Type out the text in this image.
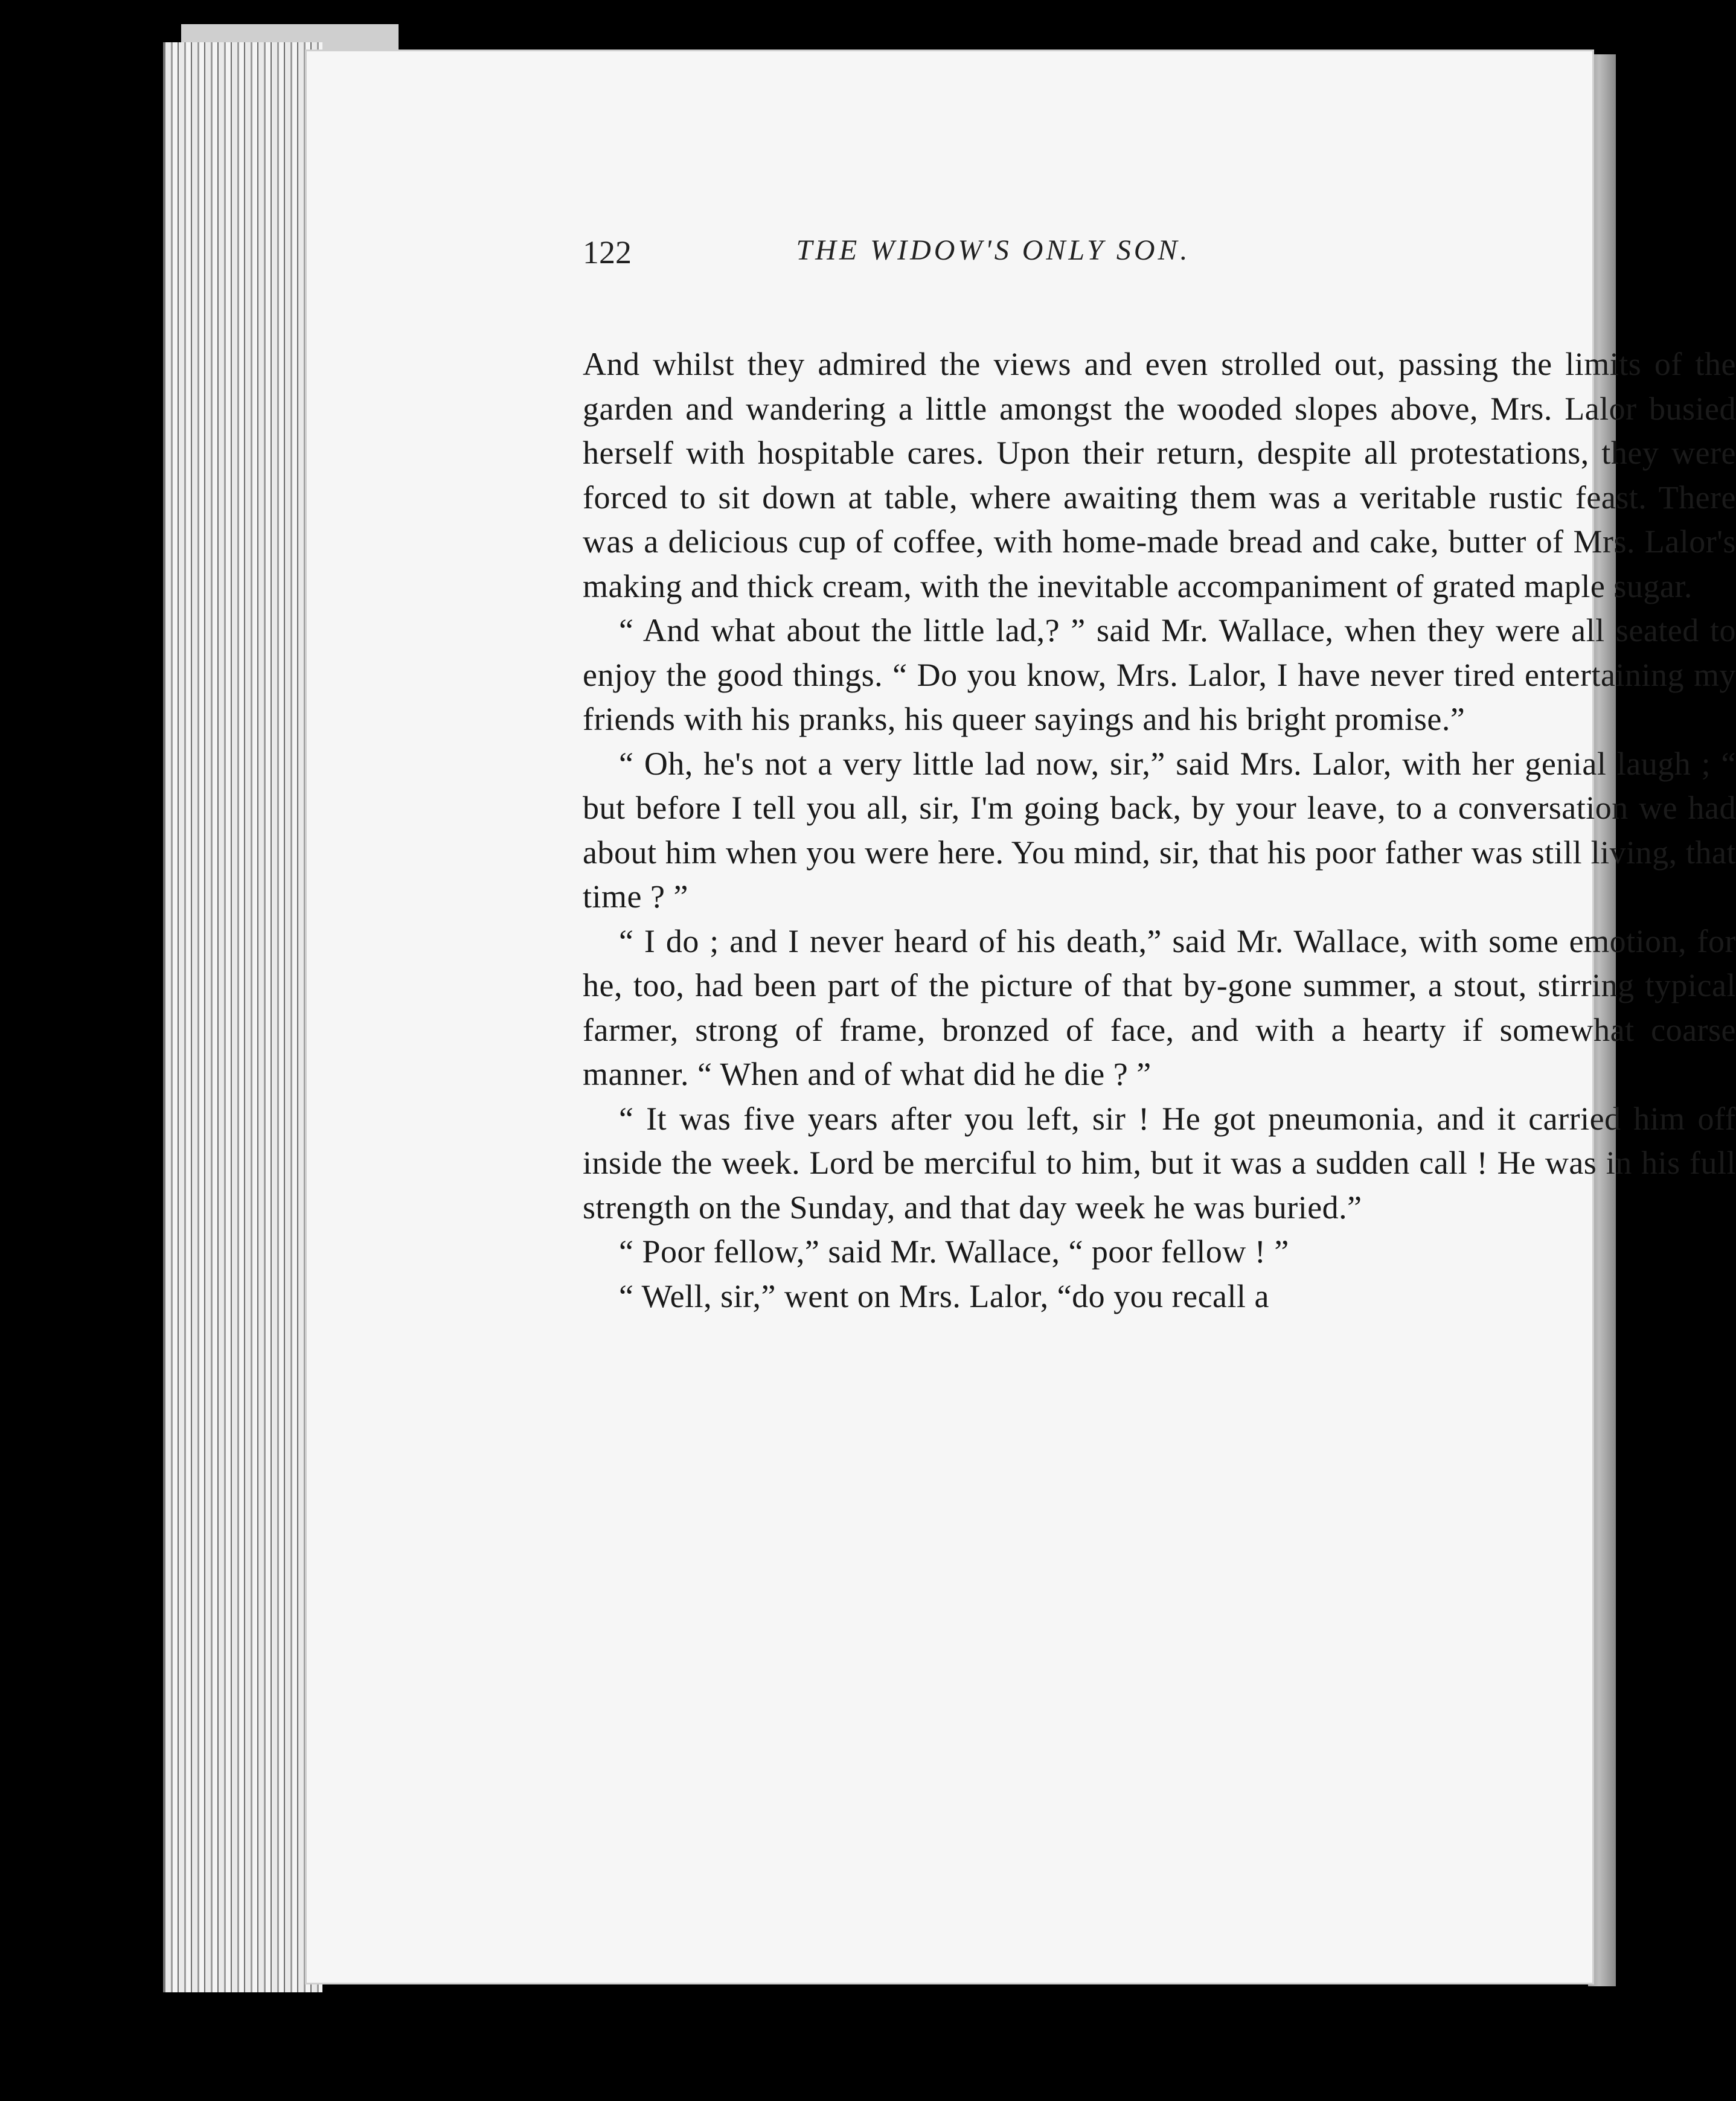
122	THE WIDOW'S ONLY SON.

And whilst they admired the views and even strolled out, passing the limits of the garden and wandering a little amongst the wooded slopes above, Mrs. Lalor busied herself with hospitable cares. Upon their return, despite all protestations, they were forced to sit down at table, where awaiting them was a veritable rustic feast. There was a delicious cup of coffee, with home-made bread and cake, butter of Mrs. Lalor's making and thick cream, with the inevitable accompaniment of grated maple sugar.

“ And what about the little lad,? ” said Mr. Wallace, when they were all seated to enjoy the good things. “ Do you know, Mrs. Lalor, I have never tired entertaining my friends with his pranks, his queer sayings and his bright promise.”

“ Oh, he's not a very little lad now, sir,” said Mrs. Lalor, with her genial laugh ; “ but before I tell you all, sir, I'm going back, by your leave, to a conversation we had about him when you were here. You mind, sir, that his poor father was still living, that time ? ”

“ I do ; and I never heard of his death,” said Mr. Wallace, with some emotion, for he, too, had been part of the picture of that by-gone summer, a stout, stirring typical farmer, strong of frame, bronzed of face, and with a hearty if somewhat coarse manner. “ When and of what did he die ? ”

“ It was five years after you left, sir ! He got pneumonia, and it carried him off inside the week. Lord be merciful to him, but it was a sudden call ! He was in his full strength on the Sunday, and that day week he was buried.”

“ Poor fellow,” said Mr. Wallace, “ poor fellow ! ”

“ Well, sir,” went on Mrs. Lalor, “do you recall a
